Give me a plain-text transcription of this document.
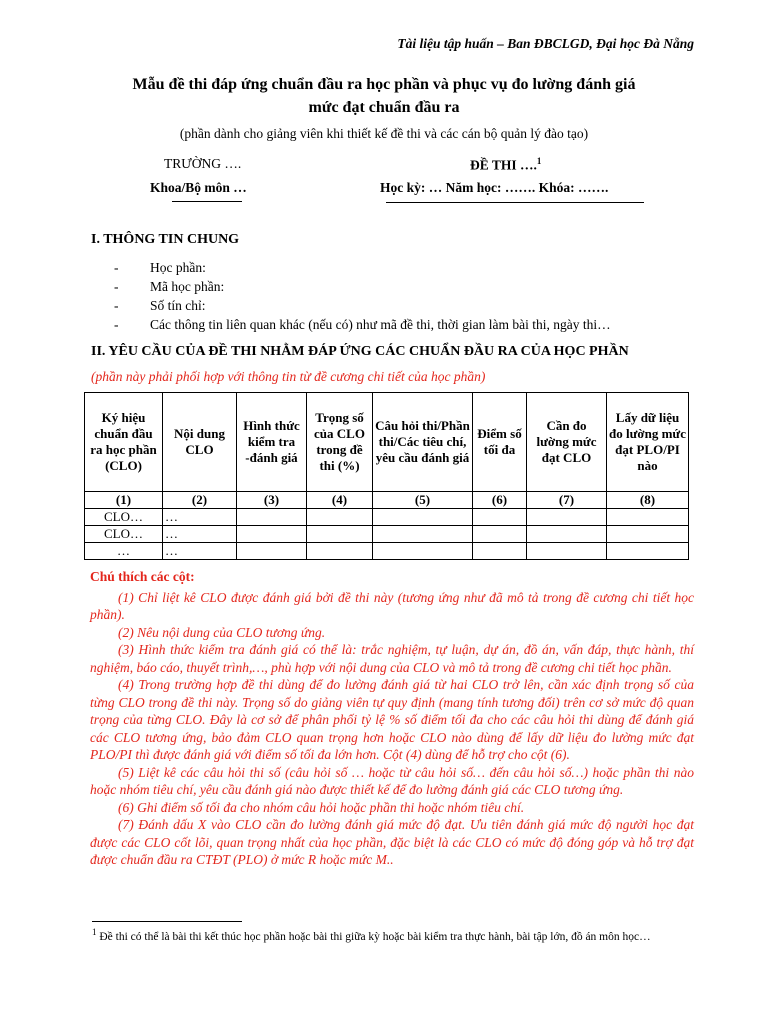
Tài liệu tập huấn – Ban ĐBCLGD, Đại học Đà Nẵng
Mẫu đề thi đáp ứng chuẩn đầu ra học phần và phục vụ đo lường đánh giá
mức đạt chuẩn đầu ra
(phần dành cho giảng viên khi thiết kế đề thi và các cán bộ quản lý đào tạo)
TRƯỜNG ….
Khoa/Bộ môn …
ĐỀ THI ….$^1$
Học kỳ: … Năm học: ……. Khóa: …….
I. THÔNG TIN CHUNG
- Học phần:
- Mã học phần:
- Số tín chỉ:
- Các thông tin liên quan khác (nếu có) như mã đề thi, thời gian làm bài thi, ngày thi…
II. YÊU CẦU CỦA ĐỀ THI NHẰM ĐÁP ỨNG CÁC CHUẨN ĐẦU RA CỦA HỌC PHẦN
(phần này phải phối hợp với thông tin từ đề cương chi tiết của học phần)
Ký hiệu chuẩn đầu ra học phần (CLO)	Nội dung CLO	Hình thức kiểm tra -đánh giá	Trọng số của CLO trong đề thi (%)	Câu hỏi thi/Phần thi/Các tiêu chí, yêu cầu đánh giá	Điểm số tối đa	Cần đo lường mức đạt CLO	Lấy dữ liệu đo lường mức đạt PLO/PI nào
(1)	(2)	(3)	(4)	(5)	(6)	(7)	(8)
CLO…	…						
CLO…	…						
…	…						
Chú thích các cột:

(1) Chỉ liệt kê CLO được đánh giá bởi đề thi này (tương ứng như đã mô tả trong đề cương chi tiết học phần).

(2) Nêu nội dung của CLO tương ứng.

(3) Hình thức kiểm tra đánh giá có thể là: trắc nghiệm, tự luận, dự án, đồ án, vấn đáp, thực hành, thí nghiệm, báo cáo, thuyết trình,…, phù hợp với nội dung của CLO và mô tả trong đề cương chi tiết học phần.

(4) Trong trường hợp đề thi dùng để đo lường đánh giá từ hai CLO trở lên, cần xác định trọng số của từng CLO trong đề thi này. Trọng số do giảng viên tự quy định (mang tính tương đối) trên cơ sở mức độ quan trọng của từng CLO. Đây là cơ sở để phân phối tỷ lệ % số điểm tối đa cho các câu hỏi thi dùng để đánh giá các CLO tương ứng, bảo đảm CLO quan trọng hơn hoặc CLO nào dùng để lấy dữ liệu đo lường mức đạt PLO/PI thì được đánh giá với điểm số tối đa lớn hơn. Cột (4) dùng để hỗ trợ cho cột (6).

(5) Liệt kê các câu hỏi thi số (câu hỏi số … hoặc từ câu hỏi số… đến câu hỏi số…) hoặc phần thi nào hoặc nhóm tiêu chí, yêu cầu đánh giá nào được thiết kế để đo lường đánh giá các CLO tương ứng.

(6) Ghi điểm số tối đa cho nhóm câu hỏi hoặc phần thi hoặc nhóm tiêu chí.

(7) Đánh dấu X vào CLO cần đo lường đánh giá mức độ đạt. Ưu tiên đánh giá mức độ người học đạt được các CLO cốt lõi, quan trọng nhất của học phần, đặc biệt là các CLO có mức độ đóng góp và hỗ trợ đạt được chuẩn đầu ra CTĐT (PLO) ở mức R hoặc mức M..

$^1$ Đề thi có thể là bài thi kết thúc học phần hoặc bài thi giữa kỳ hoặc bài kiểm tra thực hành, bài tập lớn, đồ án môn học…
